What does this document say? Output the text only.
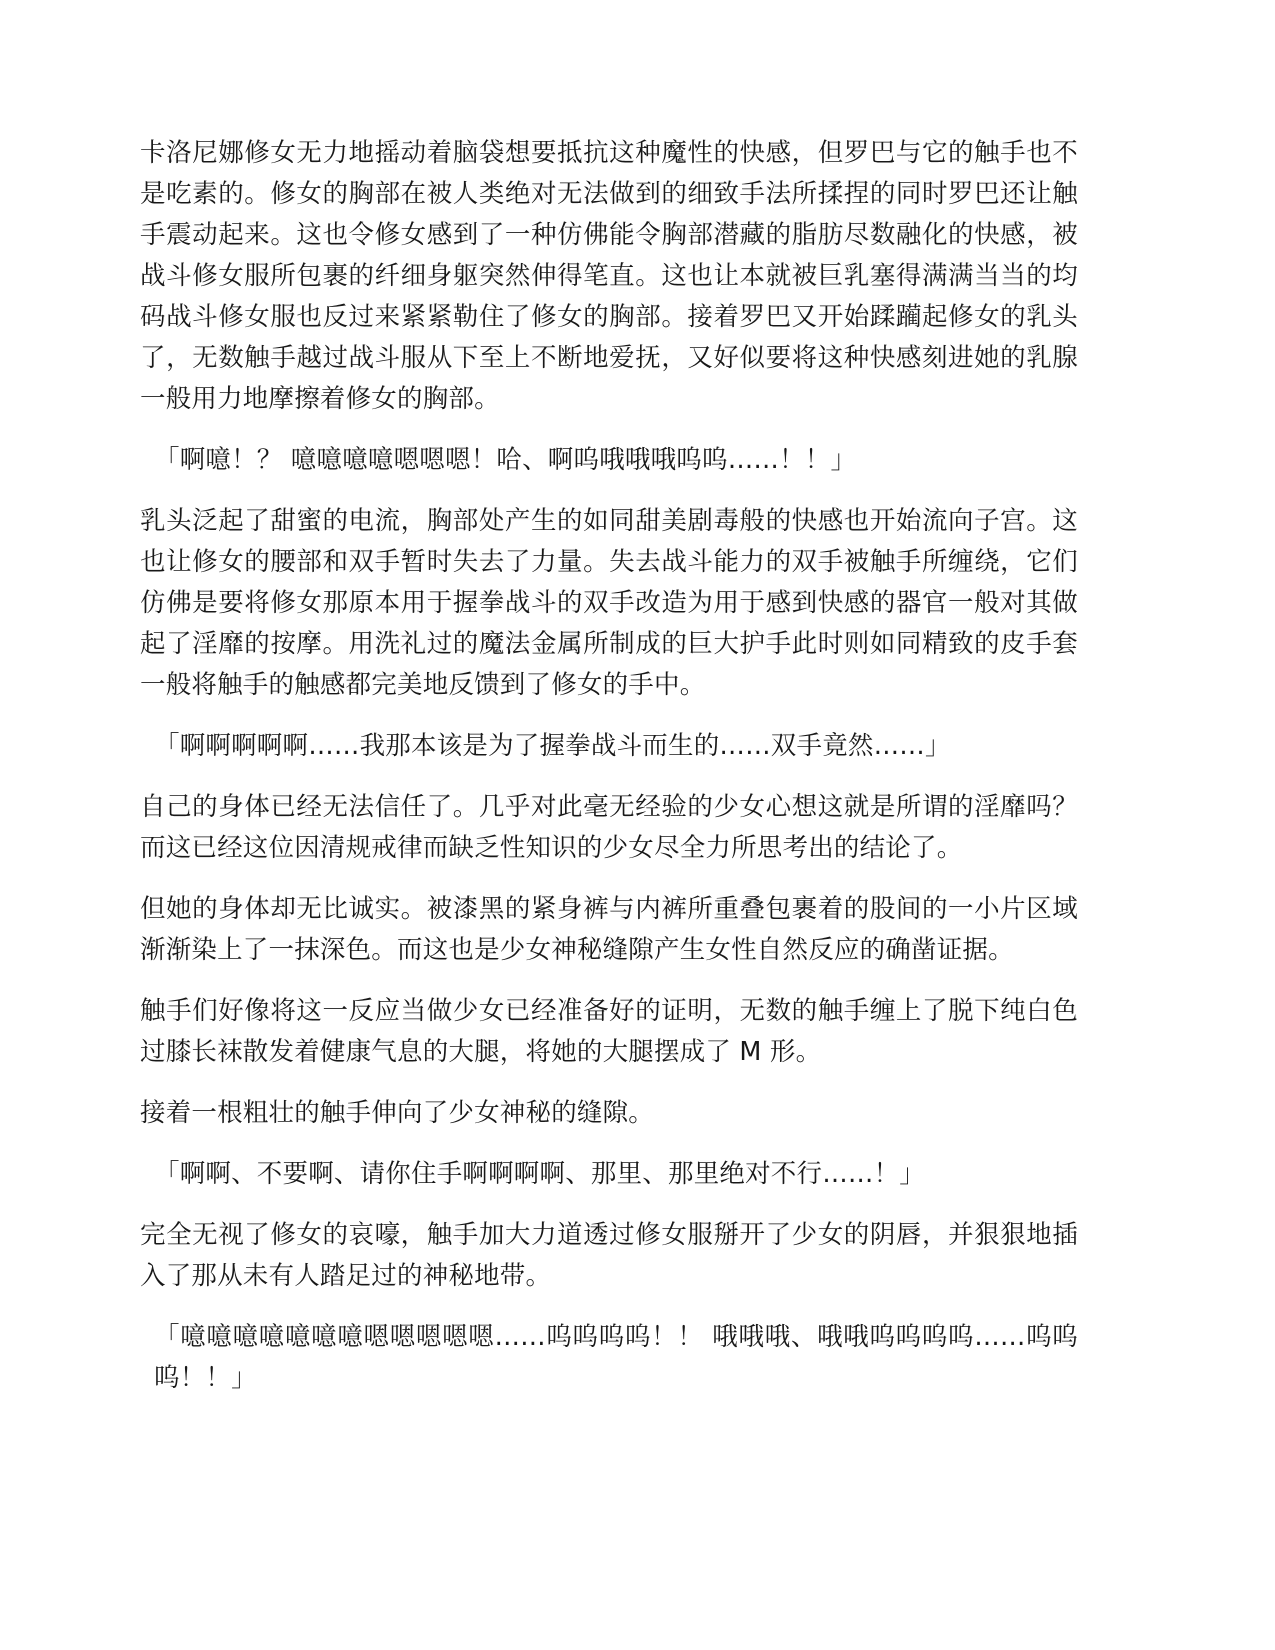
卡洛尼娜修女无力地摇动着脑袋想要抵抗这种魔性的快感，但罗巴与它的触手也不是吃素的。修女的胸部在被人类绝对无法做到的细致手法所揉捏的同时罗巴还让触手震动起来。这也令修女感到了一种仿佛能令胸部潜藏的脂肪尽数融化的快感，被战斗修女服所包裹的纤细身躯突然伸得笔直。这也让本就被巨乳塞得满满当当的均码战斗修女服也反过来紧紧勒住了修女的胸部。接着罗巴又开始蹂躏起修女的乳头了，无数触手越过战斗服从下至上不断地爱抚，又好似要将这种快感刻进她的乳腺一般用力地摩擦着修女的胸部。

「啊噫！？ 噫噫噫噫嗯嗯嗯！哈、啊呜哦哦哦呜呜……！！」

乳头泛起了甜蜜的电流，胸部处产生的如同甜美剧毒般的快感也开始流向子宫。这也让修女的腰部和双手暂时失去了力量。失去战斗能力的双手被触手所缠绕，它们仿佛是要将修女那原本用于握拳战斗的双手改造为用于感到快感的器官一般对其做起了淫靡的按摩。用洗礼过的魔法金属所制成的巨大护手此时则如同精致的皮手套一般将触手的触感都完美地反馈到了修女的手中。

「啊啊啊啊啊……我那本该是为了握拳战斗而生的……双手竟然……」

自己的身体已经无法信任了。几乎对此毫无经验的少女心想这就是所谓的淫靡吗？而这已经这位因清规戒律而缺乏性知识的少女尽全力所思考出的结论了。

但她的身体却无比诚实。被漆黑的紧身裤与内裤所重叠包裹着的股间的一小片区域渐渐染上了一抹深色。而这也是少女神秘缝隙产生女性自然反应的确凿证据。

触手们好像将这一反应当做少女已经准备好的证明，无数的触手缠上了脱下纯白色过膝长袜散发着健康气息的大腿，将她的大腿摆成了 M 形。

接着一根粗壮的触手伸向了少女神秘的缝隙。

「啊啊、不要啊、请你住手啊啊啊啊、那里、那里绝对不行……！」

完全无视了修女的哀嚎，触手加大力道透过修女服掰开了少女的阴唇，并狠狠地插入了那从未有人踏足过的神秘地带。

「噫噫噫噫噫噫噫嗯嗯嗯嗯嗯……呜呜呜呜！！ 哦哦哦、哦哦呜呜呜呜……呜呜呜！！」
